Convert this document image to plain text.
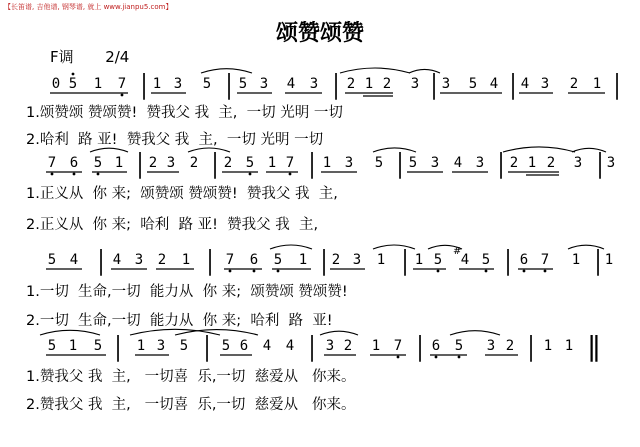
【长笛谱, 吉他谱, 钢琴谱, 就上 www.jianpu5.com】
颂赞颂赞
F调 2/4
0 5 1 7 | 1 3 5 | 5 3 4 3 | 2 1 2 3 | 3 5 4 | 4 3 2 1 |
1.颂赞颂 赞颂赞!  赞我父 我  主,  一切 光明 一切
2.哈利  路 亚!  赞我父 我  主,  一切 光明 一切
7 6 5 1 | 2 3 2 | 2 5 1 7 | 1 3 5 | 5 3 4 3 | 2 1 2 3 | 3
1.正义从  你 来;  颂赞颂 赞颂赞!  赞我父 我  主,
2.正义从  你 来;  哈利  路 亚!  赞我父 我  主,
5 4 | 4 3 2 1 | 7 6 5 1 | 2 3 1 | 1 5 4
#
5 | 6 7 1 | 1
1.一切  生命,一切  能力从  你 来;  颂赞颂 赞颂赞!
2.一切  生命,一切  能力从  你 来;  哈利  路  亚!
5 1 5 | 1 3 5 | 5 6 4 4 | 3 2 1 7 | 6 5 3 2 | 1 1 ‖
1.赞我父 我  主,   一切喜  乐,一切  慈爱从   你来。
2.赞我父 我  主,   一切喜  乐,一切  慈爱从   你来。
